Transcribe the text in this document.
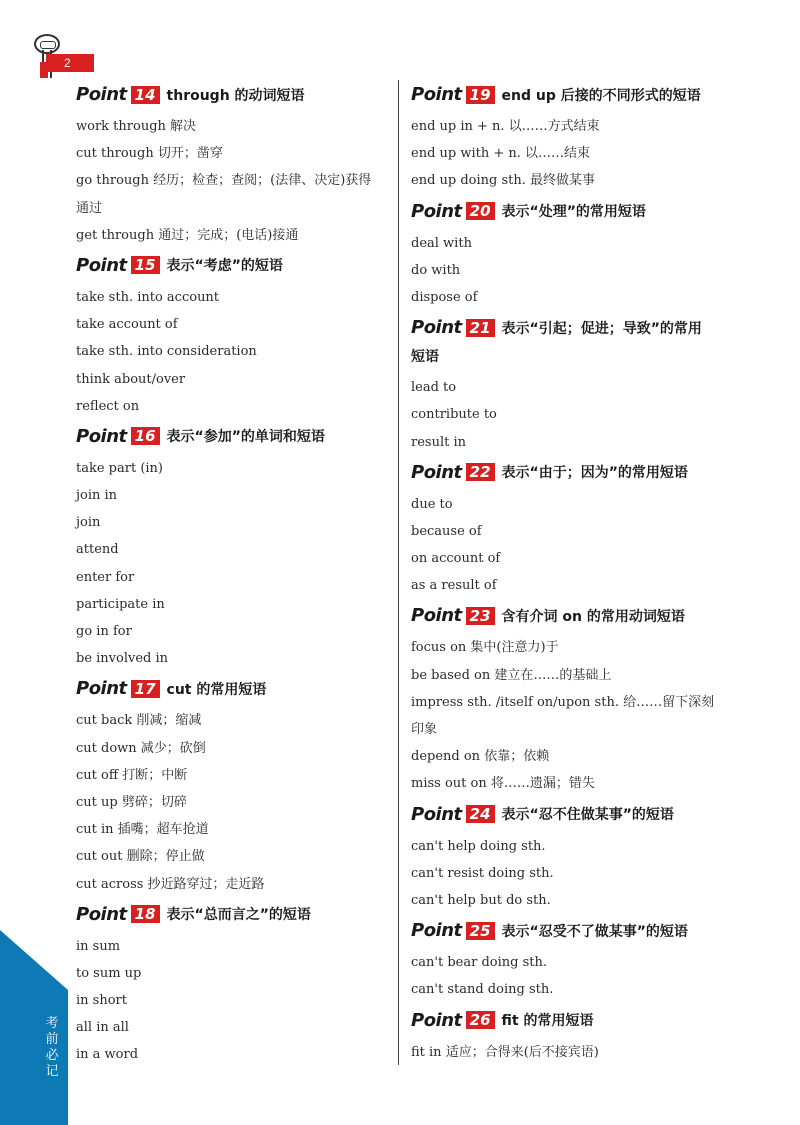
2
考前必记
Point 14 through 的动词短语
work through 解决
cut through 切开；凿穿
go through 经历；检查；查阅；(法律、决定)获得
通过
get through 通过；完成；(电话)接通
Point 15 表示“考虑”的短语
take sth. into account
take account of
take sth. into consideration
think about/over
reflect on
Point 16 表示“参加”的单词和短语
take part (in)
join in
join
attend
enter for
participate in
go in for
be involved in
Point 17 cut 的常用短语
cut back 削减；缩减
cut down 减少；砍倒
cut off 打断；中断
cut up 劈碎；切碎
cut in 插嘴；超车抢道
cut out 删除；停止做
cut across 抄近路穿过；走近路
Point 18 表示“总而言之”的短语
in sum
to sum up
in short
all in all
in a word
Point 19 end up 后接的不同形式的短语
end up in + n. 以……方式结束
end up with + n. 以……结束
end up doing sth. 最终做某事
Point 20 表示“处理”的常用短语
deal with
do with
dispose of
Point 21 表示“引起；促进；导致”的常用
短语
lead to
contribute to
result in
Point 22 表示“由于；因为”的常用短语
due to
because of
on account of
as a result of
Point 23 含有介词 on 的常用动词短语
focus on 集中(注意力)于
be based on 建立在……的基础上
impress sth. /itself on/upon sth. 给……留下深刻
印象
depend on 依靠；依赖
miss out on 将……遗漏；错失
Point 24 表示“忍不住做某事”的短语
can't help doing sth.
can't resist doing sth.
can't help but do sth.
Point 25 表示“忍受不了做某事”的短语
can't bear doing sth.
can't stand doing sth.
Point 26 fit 的常用短语
fit in 适应；合得来(后不接宾语)
